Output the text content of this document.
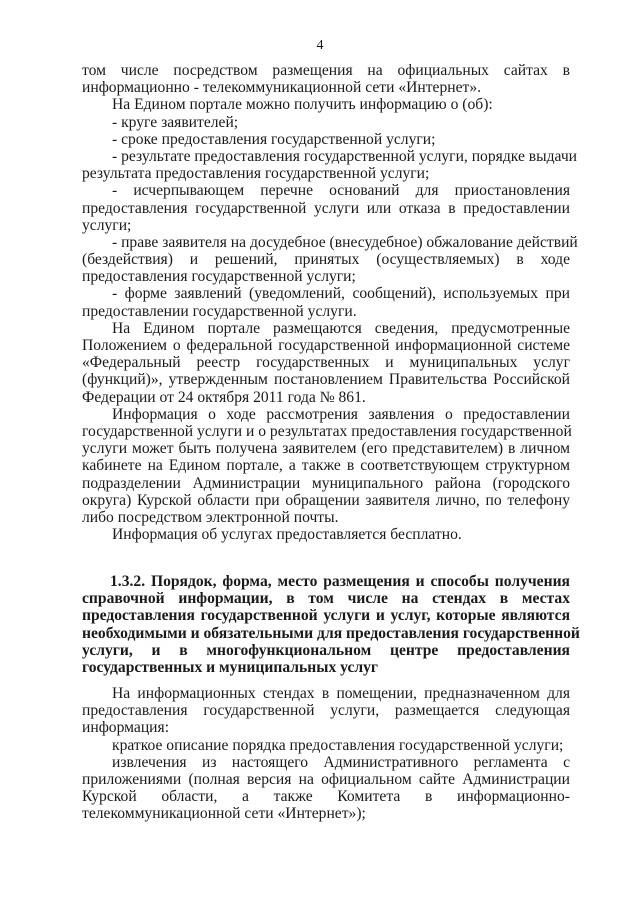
4
том числе посредством размещения на официальных сайтах в
информационно - телекоммуникационной сети «Интернет».
На Едином портале можно получить информацию о (об):
- круге заявителей;
- сроке предоставления государственной услуги;
- результате предоставления государственной услуги, порядке выдачи
результата предоставления государственной услуги;
- исчерпывающем перечне оснований для приостановления
предоставления государственной услуги или отказа в предоставлении
услуги;
- праве заявителя на досудебное (внесудебное) обжалование действий
(бездействия) и решений, принятых (осуществляемых) в ходе
предоставления государственной услуги;
- форме заявлений (уведомлений, сообщений), используемых при
предоставлении государственной услуги.
На Едином портале размещаются сведения, предусмотренные
Положением о федеральной государственной информационной системе
«Федеральный реестр государственных и муниципальных услуг
(функций)», утвержденным постановлением Правительства Российской
Федерации от 24 октября 2011 года № 861.
Информация о ходе рассмотрения заявления о предоставлении
государственной услуги и о результатах предоставления государственной
услуги может быть получена заявителем (его представителем) в личном
кабинете на Едином портале, а также в соответствующем структурном
подразделении Администрации муниципального района (городского
округа) Курской области при обращении заявителя лично, по телефону
либо посредством электронной почты.
Информация об услугах предоставляется бесплатно.
1.3.2. Порядок, форма, место размещения и способы получения
справочной информации, в том числе на стендах в местах
предоставления государственной услуги и услуг, которые являются
необходимыми и обязательными для предоставления государственной
услуги, и в многофункциональном центре предоставления
государственных и муниципальных услуг
На информационных стендах в помещении, предназначенном для
предоставления государственной услуги, размещается следующая
информация:
краткое описание порядка предоставления государственной услуги;
извлечения из настоящего Административного регламента с
приложениями (полная версия на официальном сайте Администрации
Курской области, а также Комитета в информационно-
телекоммуникационной сети «Интернет»);
